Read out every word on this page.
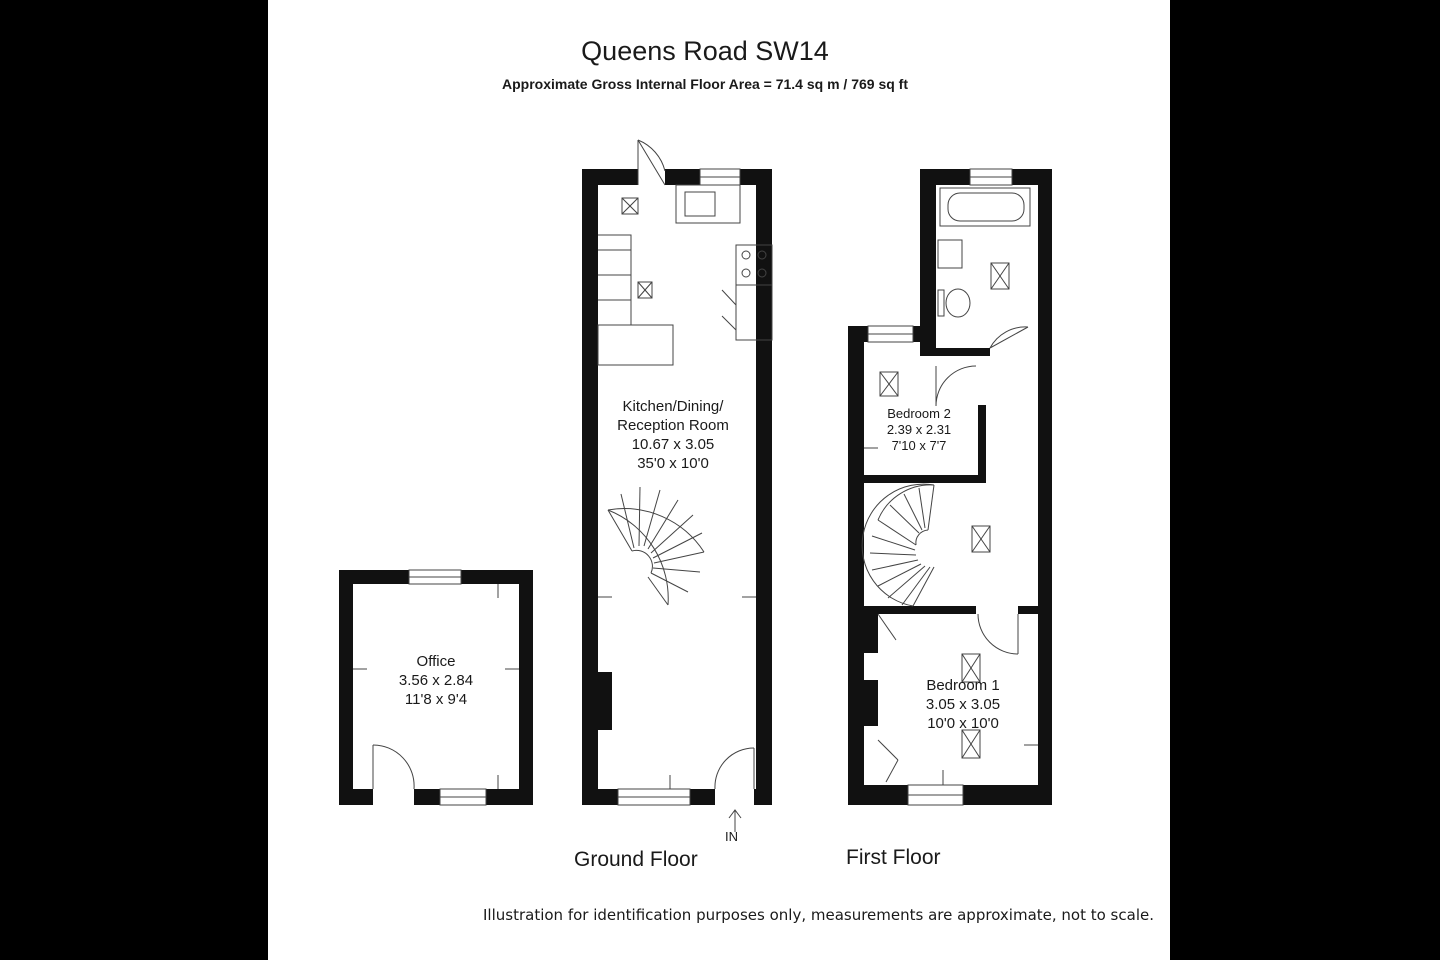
Queens Road SW14
Approximate Gross Internal Floor Area = 71.4 sq m / 769 sq ft
Office
3.56 x 2.84
11'8 x 9'4
Kitchen/Dining/
Reception Room
10.67 x 3.05
35'0 x 10'0
Bedroom 2
2.39 x 2.31
7'10 x 7'7
Bedroom 1
3.05 x 3.05
10'0 x 10'0
IN
Ground Floor	First Floor
Illustration for identification purposes only, measurements are approximate, not to scale.
